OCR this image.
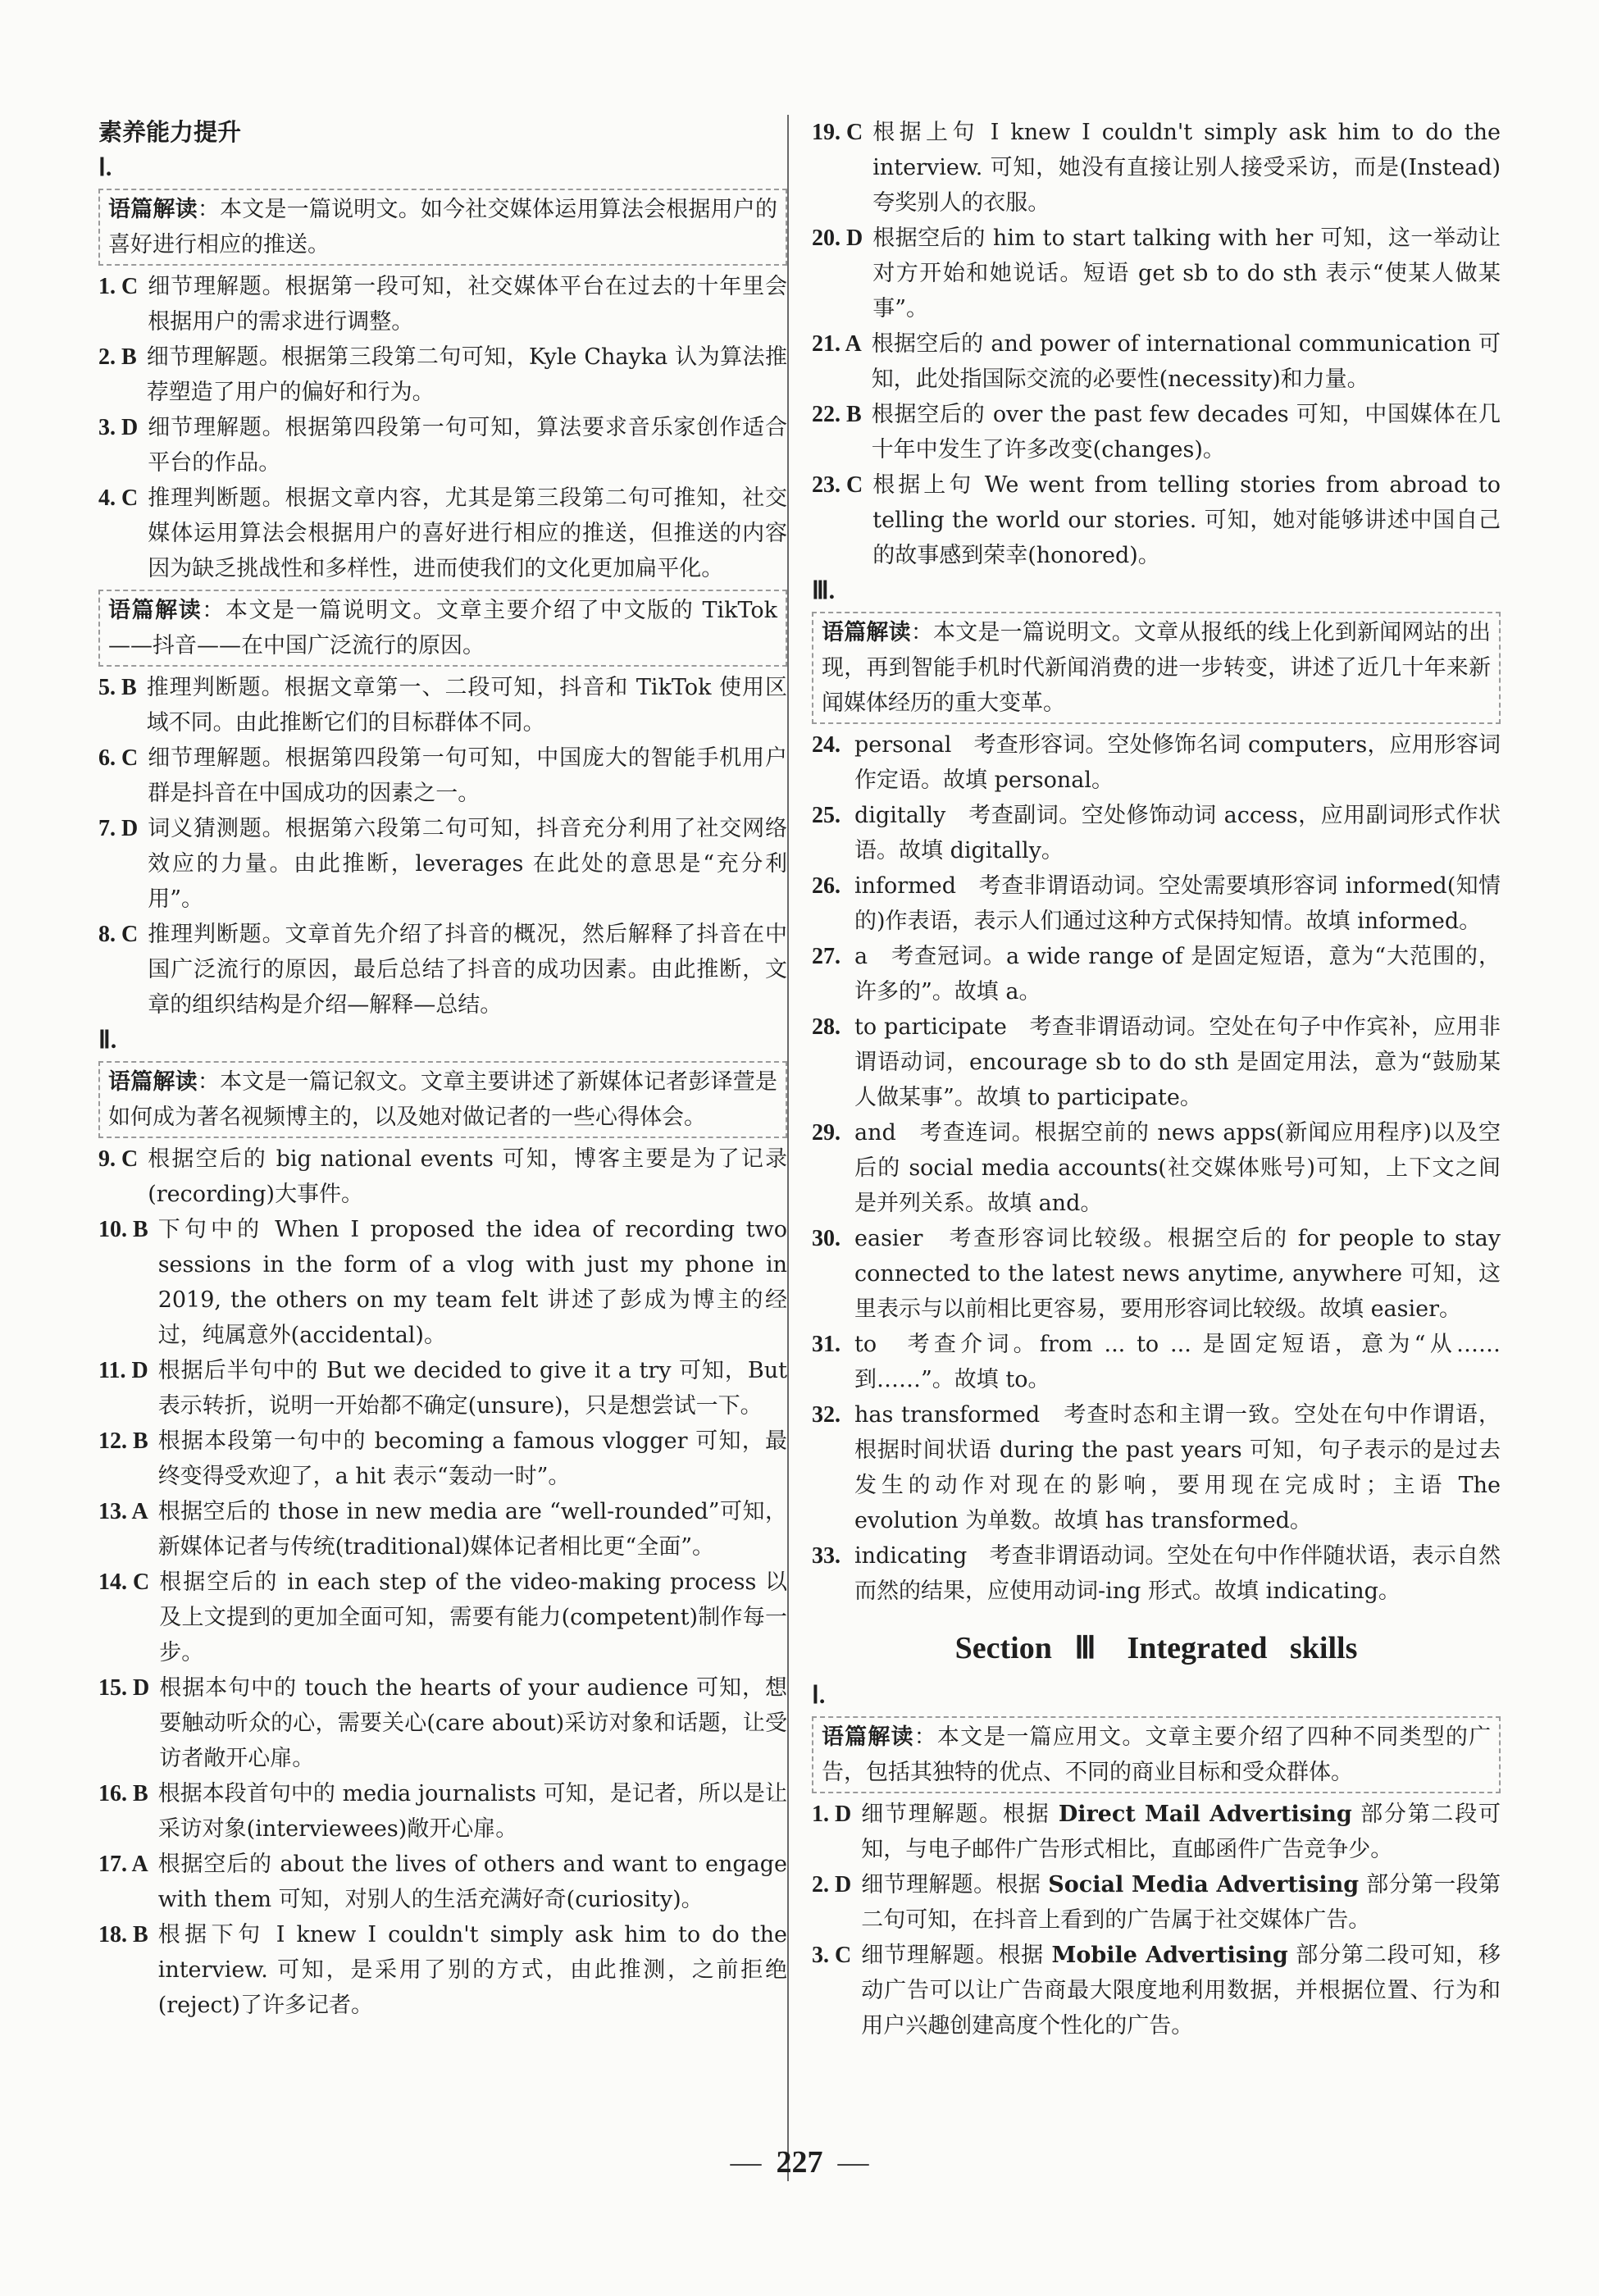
素养能力提升
Ⅰ.
语篇解读：本文是一篇说明文。如今社交媒体运用算法会根据用户的喜好进行相应的推送。
1. C 细节理解题。根据第一段可知，社交媒体平台在过去的十年里会根据用户的需求进行调整。
2. B 细节理解题。根据第三段第二句可知，Kyle Chayka 认为算法推荐塑造了用户的偏好和行为。
3. D 细节理解题。根据第四段第一句可知，算法要求音乐家创作适合平台的作品。
4. C 推理判断题。根据文章内容，尤其是第三段第二句可推知，社交媒体运用算法会根据用户的喜好进行相应的推送，但推送的内容因为缺乏挑战性和多样性，进而使我们的文化更加扁平化。
语篇解读：本文是一篇说明文。文章主要介绍了中文版的 TikTok——抖音——在中国广泛流行的原因。
5. B 推理判断题。根据文章第一、二段可知，抖音和 TikTok 使用区域不同。由此推断它们的目标群体不同。
6. C 细节理解题。根据第四段第一句可知，中国庞大的智能手机用户群是抖音在中国成功的因素之一。
7. D 词义猜测题。根据第六段第二句可知，抖音充分利用了社交网络效应的力量。由此推断，leverages 在此处的意思是“充分利用”。
8. C 推理判断题。文章首先介绍了抖音的概况，然后解释了抖音在中国广泛流行的原因，最后总结了抖音的成功因素。由此推断，文章的组织结构是介绍—解释—总结。
Ⅱ.
语篇解读：本文是一篇记叙文。文章主要讲述了新媒体记者彭译萱是如何成为著名视频博主的，以及她对做记者的一些心得体会。
9. C 根据空后的 big national events 可知，博客主要是为了记录(recording)大事件。
10. B 下句中的 When I proposed the idea of recording two sessions in the form of a vlog with just my phone in 2019, the others on my team felt 讲述了彭成为博主的经过，纯属意外(accidental)。
11. D 根据后半句中的 But we decided to give it a try 可知，But 表示转折，说明一开始都不确定(unsure)，只是想尝试一下。
12. B 根据本段第一句中的 becoming a famous vlogger 可知，最终变得受欢迎了，a hit 表示“轰动一时”。
13. A 根据空后的 those in new media are “well-rounded”可知，新媒体记者与传统(traditional)媒体记者相比更“全面”。
14. C 根据空后的 in each step of the video-making process 以及上文提到的更加全面可知，需要有能力(competent)制作每一步。
15. D 根据本句中的 touch the hearts of your audience 可知，想要触动听众的心，需要关心(care about)采访对象和话题，让受访者敞开心扉。
16. B 根据本段首句中的 media journalists 可知，是记者，所以是让采访对象(interviewees)敞开心扉。
17. A 根据空后的 about the lives of others and want to engage with them 可知，对别人的生活充满好奇(curiosity)。
18. B 根据下句 I knew I couldn't simply ask him to do the interview. 可知，是采用了别的方式，由此推测，之前拒绝(reject)了许多记者。
19. C 根据上句 I knew I couldn't simply ask him to do the interview. 可知，她没有直接让别人接受采访，而是(Instead)夸奖别人的衣服。
20. D 根据空后的 him to start talking with her 可知，这一举动让对方开始和她说话。短语 get sb to do sth 表示“使某人做某事”。
21. A 根据空后的 and power of international communication 可知，此处指国际交流的必要性(necessity)和力量。
22. B 根据空后的 over the past few decades 可知，中国媒体在几十年中发生了许多改变(changes)。
23. C 根据上句 We went from telling stories from abroad to telling the world our stories. 可知，她对能够讲述中国自己的故事感到荣幸(honored)。
Ⅲ.
语篇解读：本文是一篇说明文。文章从报纸的线上化到新闻网站的出现，再到智能手机时代新闻消费的进一步转变，讲述了近几十年来新闻媒体经历的重大变革。
24. personal　考查形容词。空处修饰名词 computers，应用形容词作定语。故填 personal。
25. digitally　考查副词。空处修饰动词 access，应用副词形式作状语。故填 digitally。
26. informed　考查非谓语动词。空处需要填形容词 informed(知情的)作表语，表示人们通过这种方式保持知情。故填 informed。
27. a　考查冠词。a wide range of 是固定短语，意为“大范围的，许多的”。故填 a。
28. to participate　考查非谓语动词。空处在句子中作宾补，应用非谓语动词，encourage sb to do sth 是固定用法，意为“鼓励某人做某事”。故填 to participate。
29. and　考查连词。根据空前的 news apps(新闻应用程序)以及空后的 social media accounts(社交媒体账号)可知，上下文之间是并列关系。故填 and。
30. easier　考查形容词比较级。根据空后的 for people to stay connected to the latest news anytime, anywhere 可知，这里表示与以前相比更容易，要用形容词比较级。故填 easier。
31. to　考查介词。from ... to ... 是固定短语，意为“从……到……”。故填 to。
32. has transformed　考查时态和主谓一致。空处在句中作谓语，根据时间状语 during the past years 可知，句子表示的是过去发生的动作对现在的影响，要用现在完成时；主语 The evolution 为单数。故填 has transformed。
33. indicating　考查非谓语动词。空处在句中作伴随状语，表示自然而然的结果，应使用动词-ing 形式。故填 indicating。
Section Ⅲ　Integrated skills
Ⅰ.
语篇解读：本文是一篇应用文。文章主要介绍了四种不同类型的广告，包括其独特的优点、不同的商业目标和受众群体。
1. D 细节理解题。根据 Direct Mail Advertising 部分第二段可知，与电子邮件广告形式相比，直邮函件广告竞争少。
2. D 细节理解题。根据 Social Media Advertising 部分第一段第二句可知，在抖音上看到的广告属于社交媒体广告。
3. C 细节理解题。根据 Mobile Advertising 部分第二段可知，移动广告可以让广告商最大限度地利用数据，并根据位置、行为和用户兴趣创建高度个性化的广告。
— 227 —
